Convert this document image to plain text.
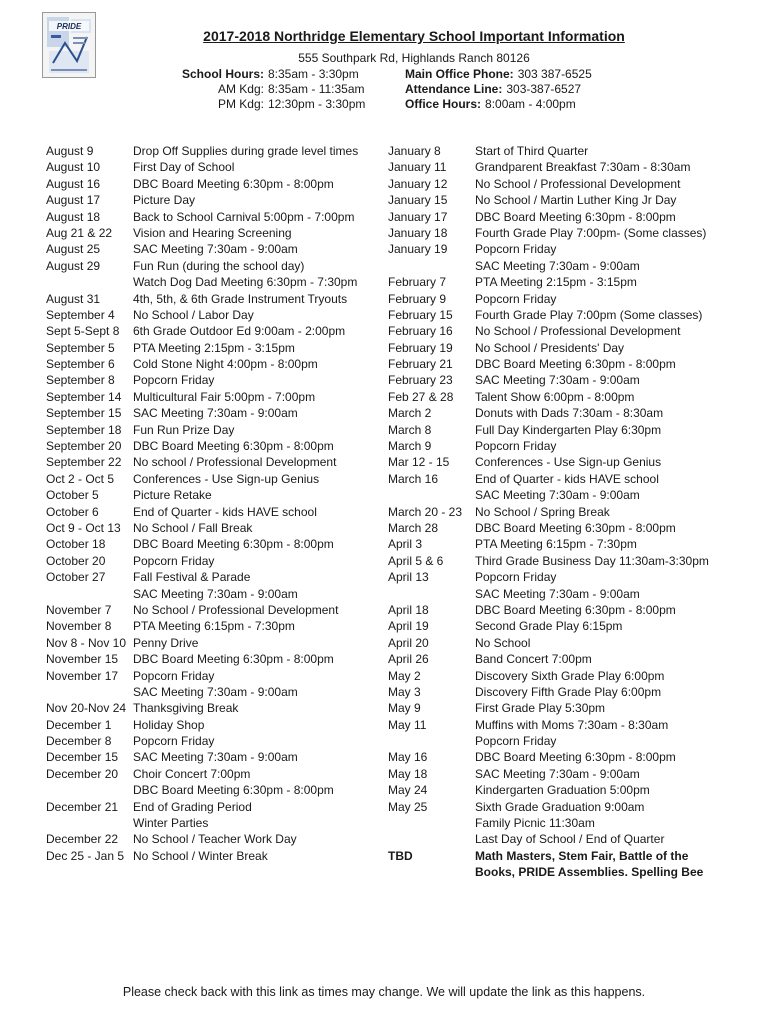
PRIDE
2017-2018 Northridge Elementary School Important Information
555 Southpark Rd, Highlands Ranch 80126
School Hours: 8:35am - 3:30pm
AM Kdg: 8:35am - 11:35am
PM Kdg: 12:30pm - 3:30pm
Main Office Phone: 303 387-6525
Attendance Line: 303-387-6527
Office Hours: 8:00am - 4:00pm
August 9	Drop Off Supplies during grade level times
August 10	First Day of School
August 16	DBC Board Meeting 6:30pm - 8:00pm
August 17	Picture Day
August 18	Back to School Carnival 5:00pm - 7:00pm
Aug 21 & 22	Vision and Hearing Screening
August 25	SAC Meeting 7:30am - 9:00am
August 29	Fun Run (during the school day)
Watch Dog Dad Meeting 6:30pm - 7:30pm
August 31	4th, 5th, & 6th Grade Instrument Tryouts
September 4	No School / Labor Day
Sept 5-Sept 8	6th Grade Outdoor Ed 9:00am - 2:00pm
September 5	PTA Meeting 2:15pm - 3:15pm
September 6	Cold Stone Night 4:00pm - 8:00pm
September 8	Popcorn Friday
September 14 Multicultural Fair 5:00pm - 7:00pm
September 15 SAC Meeting 7:30am - 9:00am
September 18 Fun Run Prize Day
September 20 DBC Board Meeting 6:30pm - 8:00pm
September 22 No school / Professional Development
Oct 2 - Oct 5	Conferences - Use Sign-up Genius
October 5	Picture Retake
October 6	End of Quarter - kids HAVE school
Oct 9 - Oct 13	No School / Fall Break
October 18	DBC Board Meeting 6:30pm - 8:00pm
October 20	Popcorn Friday
October 27	Fall Festival & Parade
SAC Meeting 7:30am - 9:00am
November 7	No School / Professional Development
November 8	PTA Meeting 6:15pm - 7:30pm
Nov 8 - Nov 10 Penny Drive
November 15	DBC Board Meeting 6:30pm - 8:00pm
November 17	Popcorn Friday
SAC Meeting 7:30am - 9:00am
Nov 20-Nov 24 Thanksgiving Break
December 1	Holiday Shop
December 8	Popcorn Friday
December 15	SAC Meeting 7:30am - 9:00am
December 20	Choir Concert 7:00pm
DBC Board Meeting 6:30pm - 8:00pm
December 21	End of Grading Period
Winter Parties
December 22	No School / Teacher Work Day
Dec 25 - Jan 5 No School / Winter Break
January 8	Start of Third Quarter
January 11	Grandparent Breakfast 7:30am - 8:30am
January 12	No School / Professional Development
January 15	No School / Martin Luther King Jr Day
January 17	DBC Board Meeting 6:30pm - 8:00pm
January 18	Fourth Grade Play 7:00pm- (Some classes)
January 19	Popcorn Friday
SAC Meeting 7:30am - 9:00am
February 7	PTA Meeting 2:15pm - 3:15pm
February 9	Popcorn Friday
February 15	Fourth Grade Play 7:00pm (Some classes)
February 16	No School / Professional Development
February 19	No School / Presidents' Day
February 21	DBC Board Meeting 6:30pm - 8:00pm
February 23	SAC Meeting 7:30am - 9:00am
Feb 27 & 28	Talent Show 6:00pm - 8:00pm
March 2	Donuts with Dads 7:30am - 8:30am
March 8	Full Day Kindergarten Play 6:30pm
March 9	Popcorn Friday
Mar 12 - 15	Conferences - Use Sign-up Genius
March 16	End of Quarter - kids HAVE school
SAC Meeting 7:30am - 9:00am
March 20 - 23	No School / Spring Break
March 28	DBC Board Meeting 6:30pm - 8:00pm
April 3	PTA Meeting 6:15pm - 7:30pm
April 5 & 6	Third Grade Business Day 11:30am-3:30pm
April 13	Popcorn Friday
SAC Meeting 7:30am - 9:00am
April 18	DBC Board Meeting 6:30pm - 8:00pm
April 19	Second Grade Play 6:15pm
April 20	No School
April 26	Band Concert 7:00pm
May 2	Discovery Sixth Grade Play 6:00pm
May 3	Discovery Fifth Grade Play 6:00pm
May 9	First Grade Play 5:30pm
May 11	Muffins with Moms 7:30am - 8:30am
Popcorn Friday
May 16	DBC Board Meeting 6:30pm - 8:00pm
May 18	SAC Meeting 7:30am - 9:00am
May 24	Kindergarten Graduation 5:00pm
May 25	Sixth Grade Graduation 9:00am
Family Picnic 11:30am
Last Day of School / End of Quarter
TBD	Math Masters, Stem Fair, Battle of the Books, PRIDE Assemblies. Spelling Bee
Please check back with this link as times may change. We will update the link as this happens.
